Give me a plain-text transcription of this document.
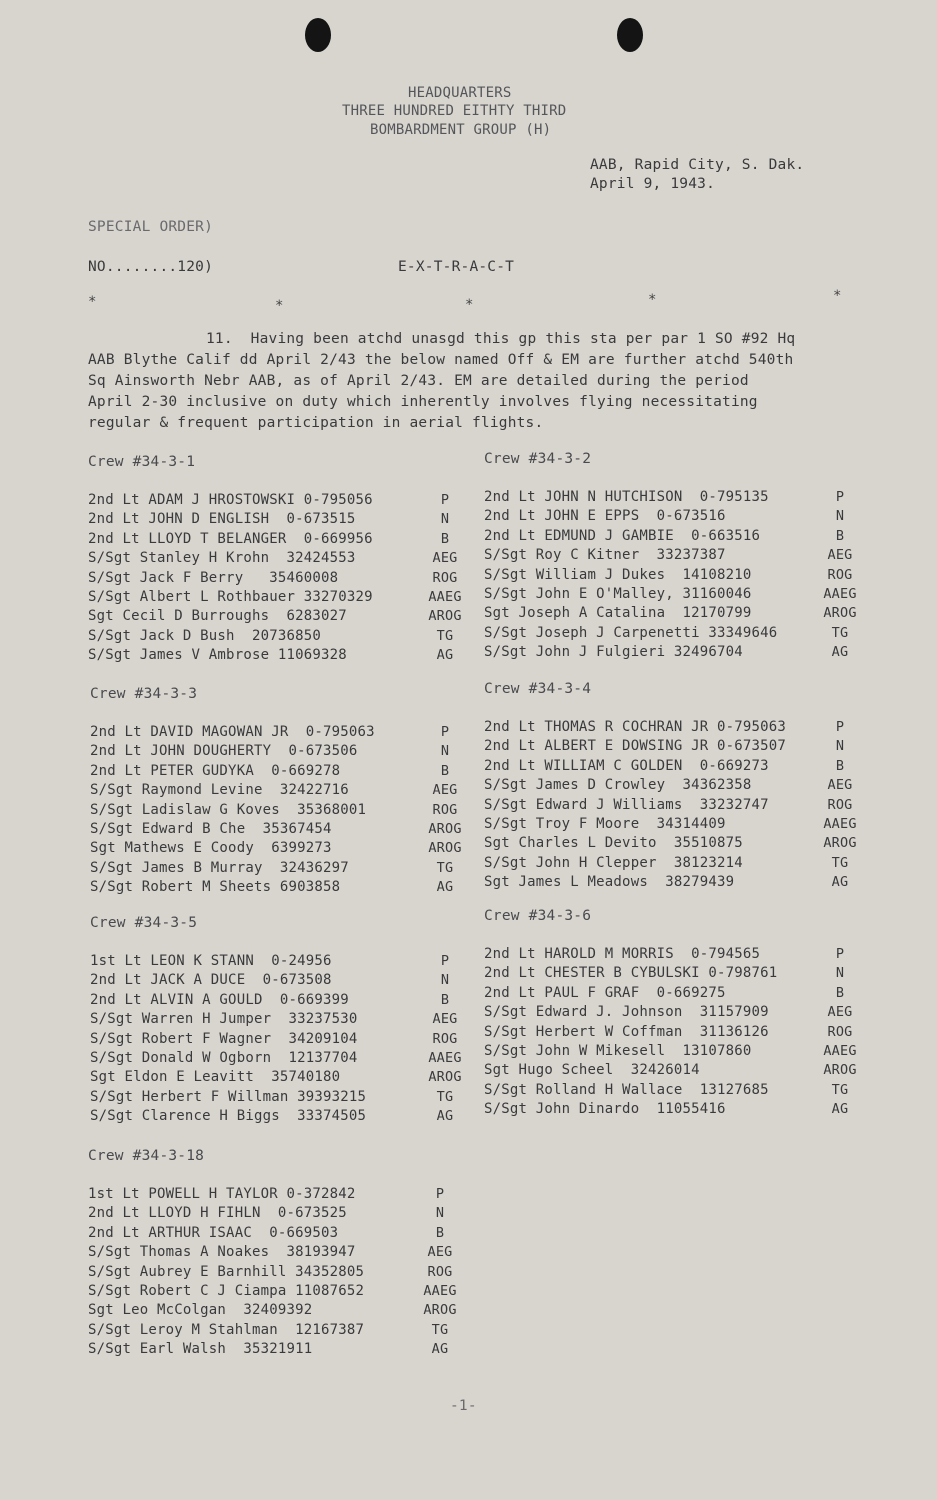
HEADQUARTERS
THREE HUNDRED EITHTY THIRD
BOMBARDMENT GROUP (H)
AAB, Rapid City, S. Dak.
April 9, 1943.
SPECIAL ORDER)
NO........120)	E-X-T-R-A-C-T
*	*	*	*	*
11.  Having been atchd unasgd this gp this sta per par 1 SO #92 Hq
AAB Blythe Calif dd April 2/43 the below named Off & EM are further atchd 540th
Sq Ainsworth Nebr AAB, as of April 2/43. EM are detailed during the period
April 2-30 inclusive on duty which inherently involves flying necessitating
regular & frequent participation in aerial flights.
Crew #34-3-1
2nd Lt ADAM J HROSTOWSKI 0-795056	P
2nd Lt JOHN D ENGLISH  0-673515	N
2nd Lt LLOYD T BELANGER  0-669956	B
S/Sgt Stanley H Krohn  32424553	AEG
S/Sgt Jack F Berry   35460008	ROG
S/Sgt Albert L Rothbauer 33270329	AAEG
Sgt Cecil D Burroughs  6283027	AROG
S/Sgt Jack D Bush  20736850	TG
S/Sgt James V Ambrose 11069328	AG
Crew #34-3-2
2nd Lt JOHN N HUTCHISON  0-795135	P
2nd Lt JOHN E EPPS  0-673516	N
2nd Lt EDMUND J GAMBIE  0-663516	B
S/Sgt Roy C Kitner  33237387	AEG
S/Sgt William J Dukes  14108210	ROG
S/Sgt John E O'Malley, 31160046	AAEG
Sgt Joseph A Catalina  12170799	AROG
S/Sgt Joseph J Carpenetti 33349646	TG
S/Sgt John J Fulgieri 32496704	AG
Crew #34-3-3
2nd Lt DAVID MAGOWAN JR  0-795063	P
2nd Lt JOHN DOUGHERTY  0-673506	N
2nd Lt PETER GUDYKA  0-669278	B
S/Sgt Raymond Levine  32422716	AEG
S/Sgt Ladislaw G Koves  35368001	ROG
S/Sgt Edward B Che  35367454	AROG
Sgt Mathews E Coody  6399273	AROG
S/Sgt James B Murray  32436297	TG
S/Sgt Robert M Sheets 6903858	AG
Crew #34-3-4
2nd Lt THOMAS R COCHRAN JR 0-795063	P
2nd Lt ALBERT E DOWSING JR 0-673507	N
2nd Lt WILLIAM C GOLDEN  0-669273	B
S/Sgt James D Crowley  34362358	AEG
S/Sgt Edward J Williams  33232747	ROG
S/Sgt Troy F Moore  34314409	AAEG
Sgt Charles L Devito  35510875	AROG
S/Sgt John H Clepper  38123214	TG
Sgt James L Meadows  38279439	AG
Crew #34-3-5
1st Lt LEON K STANN  0-24956	P
2nd Lt JACK A DUCE  0-673508	N
2nd Lt ALVIN A GOULD  0-669399	B
S/Sgt Warren H Jumper  33237530	AEG
S/Sgt Robert F Wagner  34209104	ROG
S/Sgt Donald W Ogborn  12137704	AAEG
Sgt Eldon E Leavitt  35740180	AROG
S/Sgt Herbert F Willman 39393215	TG
S/Sgt Clarence H Biggs  33374505	AG
Crew #34-3-6
2nd Lt HAROLD M MORRIS  0-794565	P
2nd Lt CHESTER B CYBULSKI 0-798761	N
2nd Lt PAUL F GRAF  0-669275	B
S/Sgt Edward J. Johnson  31157909	AEG
S/Sgt Herbert W Coffman  31136126	ROG
S/Sgt John W Mikesell  13107860	AAEG
Sgt Hugo Scheel  32426014	AROG
S/Sgt Rolland H Wallace  13127685	TG
S/Sgt John Dinardo  11055416	AG
Crew #34-3-18
1st Lt POWELL H TAYLOR 0-372842	P
2nd Lt LLOYD H FIHLN  0-673525	N
2nd Lt ARTHUR ISAAC  0-669503	B
S/Sgt Thomas A Noakes  38193947	AEG
S/Sgt Aubrey E Barnhill 34352805	ROG
S/Sgt Robert C J Ciampa 11087652	AAEG
Sgt Leo McColgan  32409392	AROG
S/Sgt Leroy M Stahlman  12167387	TG
S/Sgt Earl Walsh  35321911	AG
-1-
